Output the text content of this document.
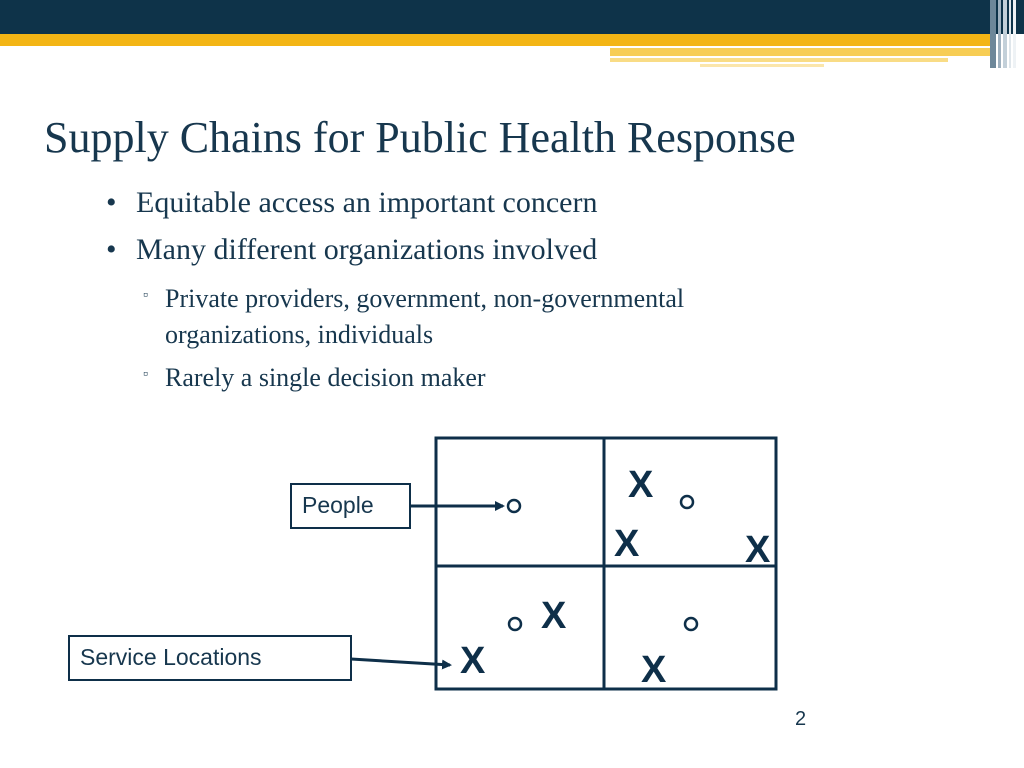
Supply Chains for Public Health Response
• Equitable access an important concern
• Many different organizations involved
▫ Private providers, government, non-governmental
organizations, individuals
▫ Rarely a single decision maker
X
X	X
X
X	X
People
Service Locations
2
